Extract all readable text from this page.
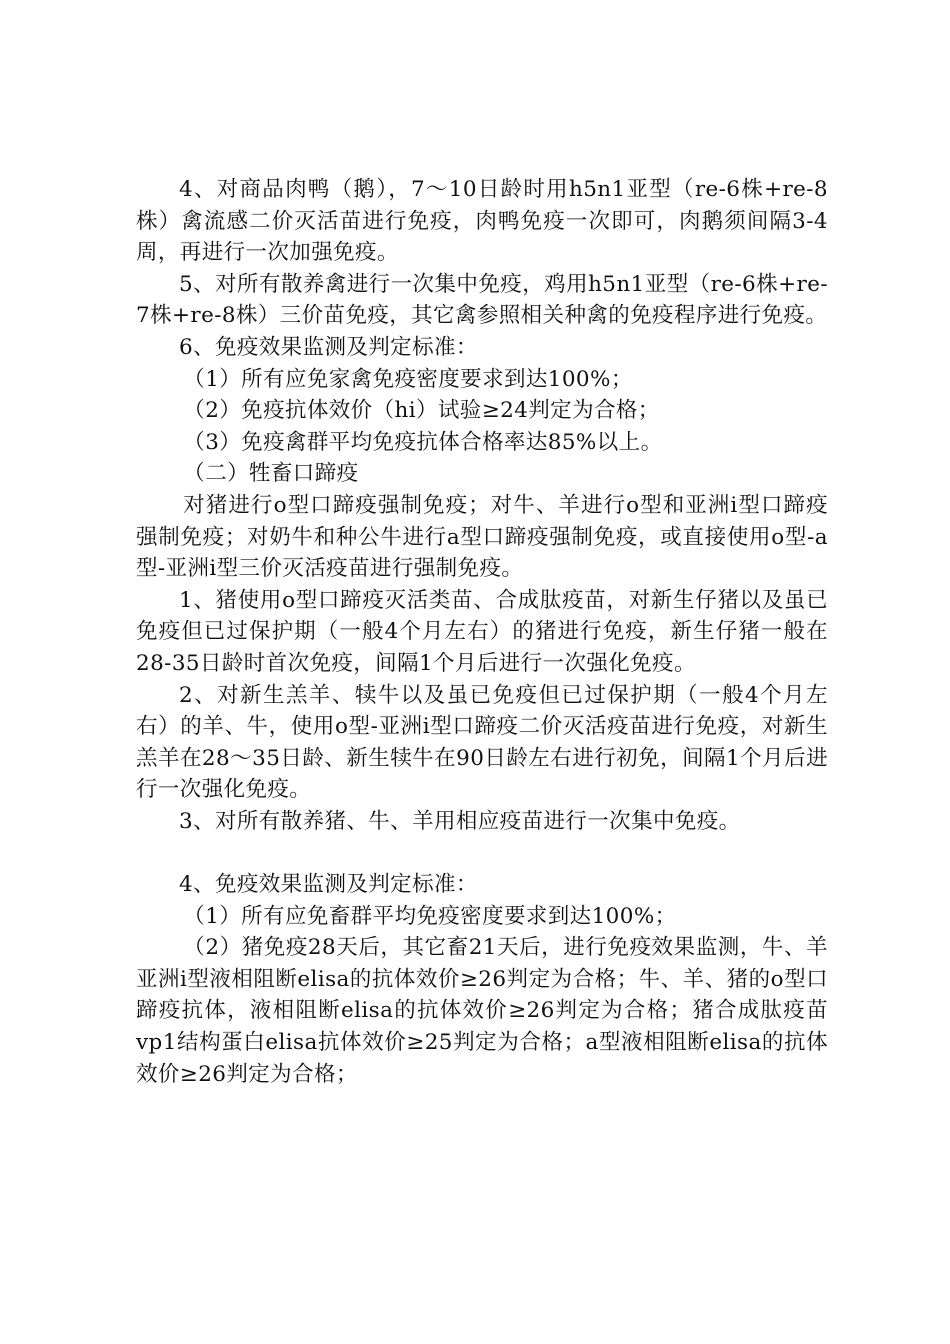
4、对商品肉鸭（鹅），7～10日龄时用h5n1亚型（re-6株+re-8株）禽流感二价灭活苗进行免疫，肉鸭免疫一次即可，肉鹅须间隔3-4周，再进行一次加强免疫。

5、对所有散养禽进行一次集中免疫，鸡用h5n1亚型（re-6株+re-7株+re-8株）三价苗免疫，其它禽参照相关种禽的免疫程序进行免疫。

6、免疫效果监测及判定标准：

（1）所有应免家禽免疫密度要求到达100%；

（2）免疫抗体效价（hi）试验≥24判定为合格；

（3）免疫禽群平均免疫抗体合格率达85%以上。

（二）牲畜口蹄疫

对猪进行o型口蹄疫强制免疫；对牛、羊进行o型和亚洲i型口蹄疫强制免疫；对奶牛和种公牛进行a型口蹄疫强制免疫，或直接使用o型-a型-亚洲i型三价灭活疫苗进行强制免疫。

1、猪使用o型口蹄疫灭活类苗、合成肽疫苗，对新生仔猪以及虽已免疫但已过保护期（一般4个月左右）的猪进行免疫，新生仔猪一般在28-35日龄时首次免疫，间隔1个月后进行一次强化免疫。

2、对新生羔羊、犊牛以及虽已免疫但已过保护期（一般4个月左右）的羊、牛，使用o型-亚洲i型口蹄疫二价灭活疫苗进行免疫，对新生羔羊在28～35日龄、新生犊牛在90日龄左右进行初免，间隔1个月后进行一次强化免疫。

3、对所有散养猪、牛、羊用相应疫苗进行一次集中免疫。

4、免疫效果监测及判定标准：

（1）所有应免畜群平均免疫密度要求到达100%；

（2）猪免疫28天后，其它畜21天后，进行免疫效果监测，牛、羊亚洲i型液相阻断elisa的抗体效价≥26判定为合格；牛、羊、猪的o型口蹄疫抗体，液相阻断elisa的抗体效价≥26判定为合格；猪合成肽疫苗vp1结构蛋白elisa抗体效价≥25判定为合格；a型液相阻断elisa的抗体效价≥26判定为合格；
